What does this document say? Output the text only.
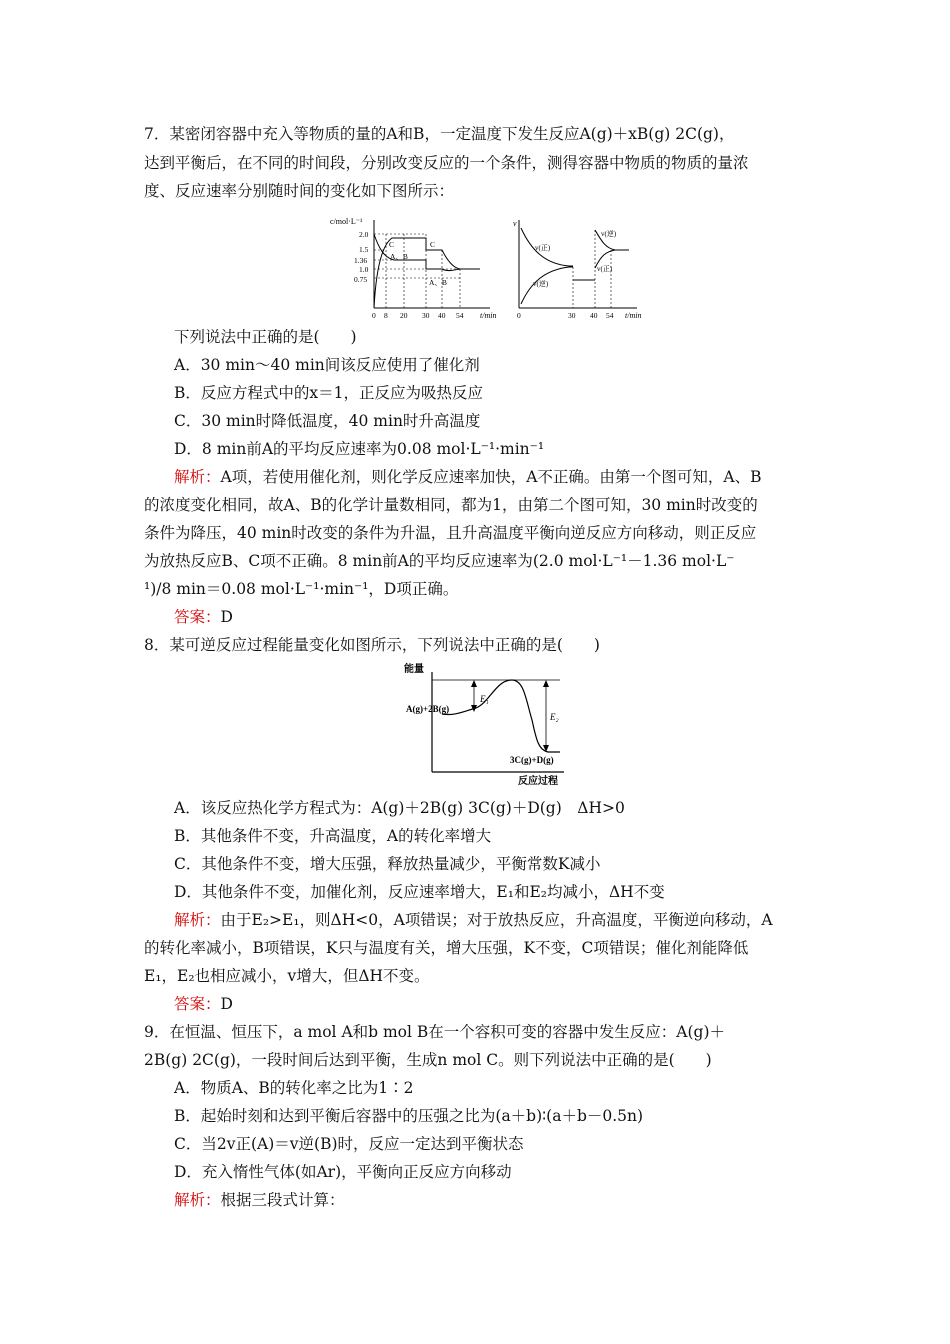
7．某密闭容器中充入等物质的量的A和B，一定温度下发生反应A(g)＋xB(g) 2C(g)，
达到平衡后，在不同的时间段，分别改变反应的一个条件，测得容器中物质的物质的量浓
度、反应速率分别随时间的变化如下图所示：
c/mol·L⁻¹
t/min
2.0
1.5
1.36
1.0
0.75
C
A、B
C
A、B
0 8 20 30 40 54
v
t/min
v(正)
v(逆)
v(逆)
v(正)
0	30 40 54
下列说法中正确的是(　　)
A．30 min～40 min间该反应使用了催化剂
B．反应方程式中的x＝1，正反应为吸热反应
C．30 min时降低温度，40 min时升高温度
D．8 min前A的平均反应速率为0.08 mol·L⁻¹·min⁻¹
解析：A项，若使用催化剂，则化学反应速率加快，A不正确。由第一个图可知，A、B
的浓度变化相同，故A、B的化学计量数相同，都为1，由第二个图可知，30 min时改变的
条件为降压，40 min时改变的条件为升温，且升高温度平衡向逆反应方向移动，则正反应
为放热反应B、C项不正确。8 min前A的平均反应速率为(2.0 mol·L⁻¹－1.36 mol·L⁻
¹)/8 min＝0.08 mol·L⁻¹·min⁻¹，D项正确。
答案：D
8．某可逆反应过程能量变化如图所示，下列说法中正确的是(　　)
能量
反应过程
E₁
E₂
A(g)+2B(g)
3C(g)+D(g)
A．该反应热化学方程式为：A(g)＋2B(g) 3C(g)＋D(g)　ΔH>0
B．其他条件不变，升高温度，A的转化率增大
C．其他条件不变，增大压强，释放热量减少，平衡常数K减小
D．其他条件不变，加催化剂，反应速率增大，E₁和E₂均减小，ΔH不变
解析：由于E₂>E₁，则ΔH<0，A项错误；对于放热反应，升高温度，平衡逆向移动，A
的转化率减小，B项错误，K只与温度有关，增大压强，K不变，C项错误；催化剂能降低
E₁，E₂也相应减小，v增大，但ΔH不变。
答案：D
9．在恒温、恒压下，a mol A和b mol B在一个容积可变的容器中发生反应：A(g)＋
2B(g) 2C(g)，一段时间后达到平衡，生成n mol C。则下列说法中正确的是(　　)
A．物质A、B的转化率之比为1∶2
B．起始时刻和达到平衡后容器中的压强之比为(a＋b)∶(a＋b－0.5n)
C．当2v正(A)＝v逆(B)时，反应一定达到平衡状态
D．充入惰性气体(如Ar)，平衡向正反应方向移动
解析：根据三段式计算：
